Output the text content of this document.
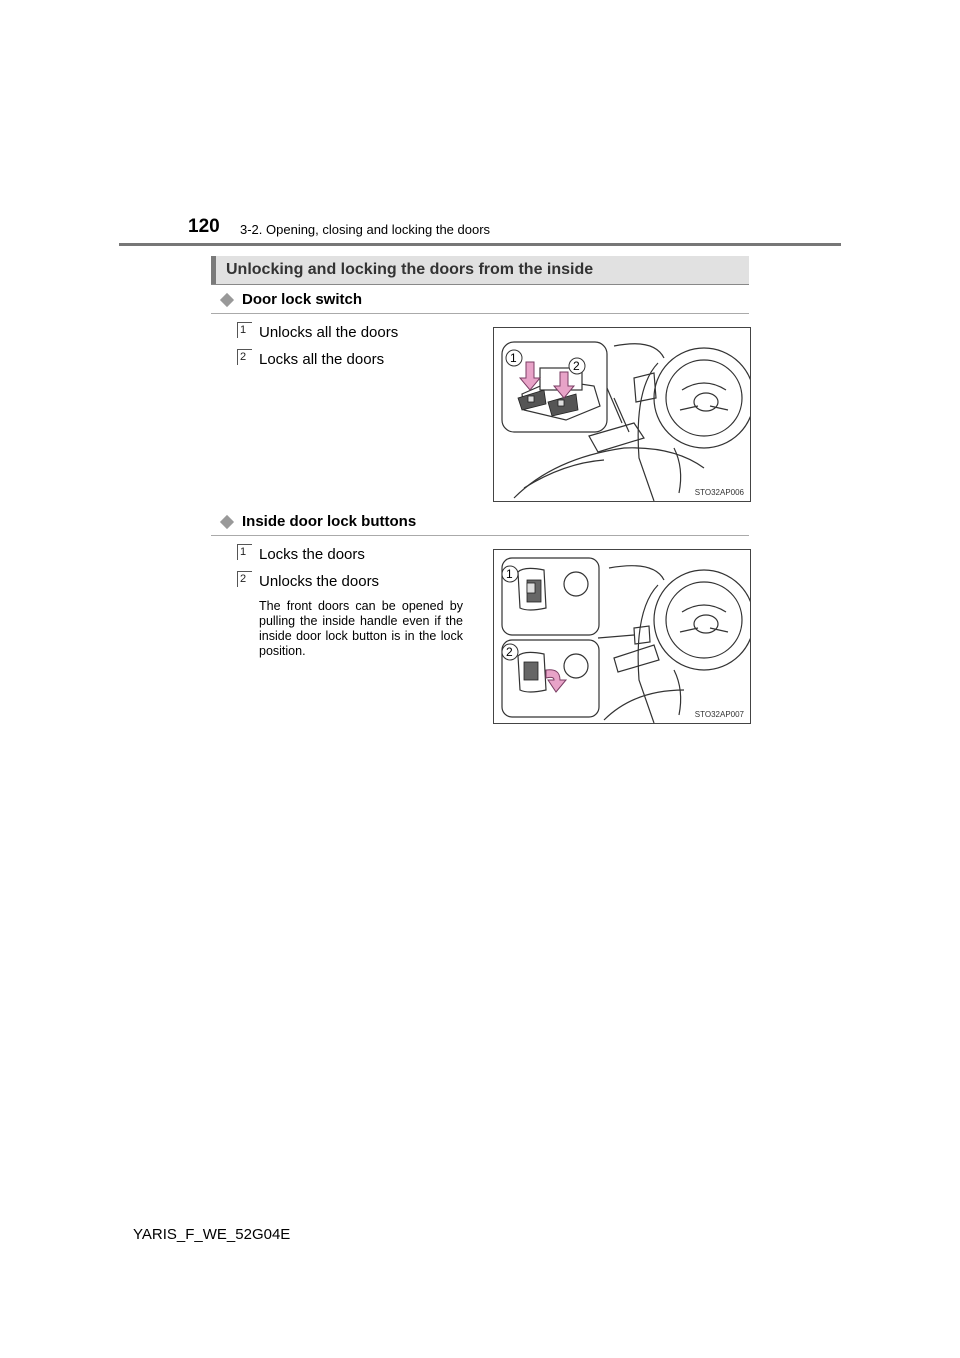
120 3-2. Opening, closing and locking the doors
Unlocking and locking the doors from the inside
Door lock switch
1 Unlocks all the doors
2 Locks all the doors	1
2
STO32AP006
Inside door lock buttons
1 Locks the doors
2 Unlocks the doors
The front doors can be opened by pulling the inside handle even if the inside door lock button is in the lock position.
1
2
STO32AP007
YARIS_F_WE_52G04E
